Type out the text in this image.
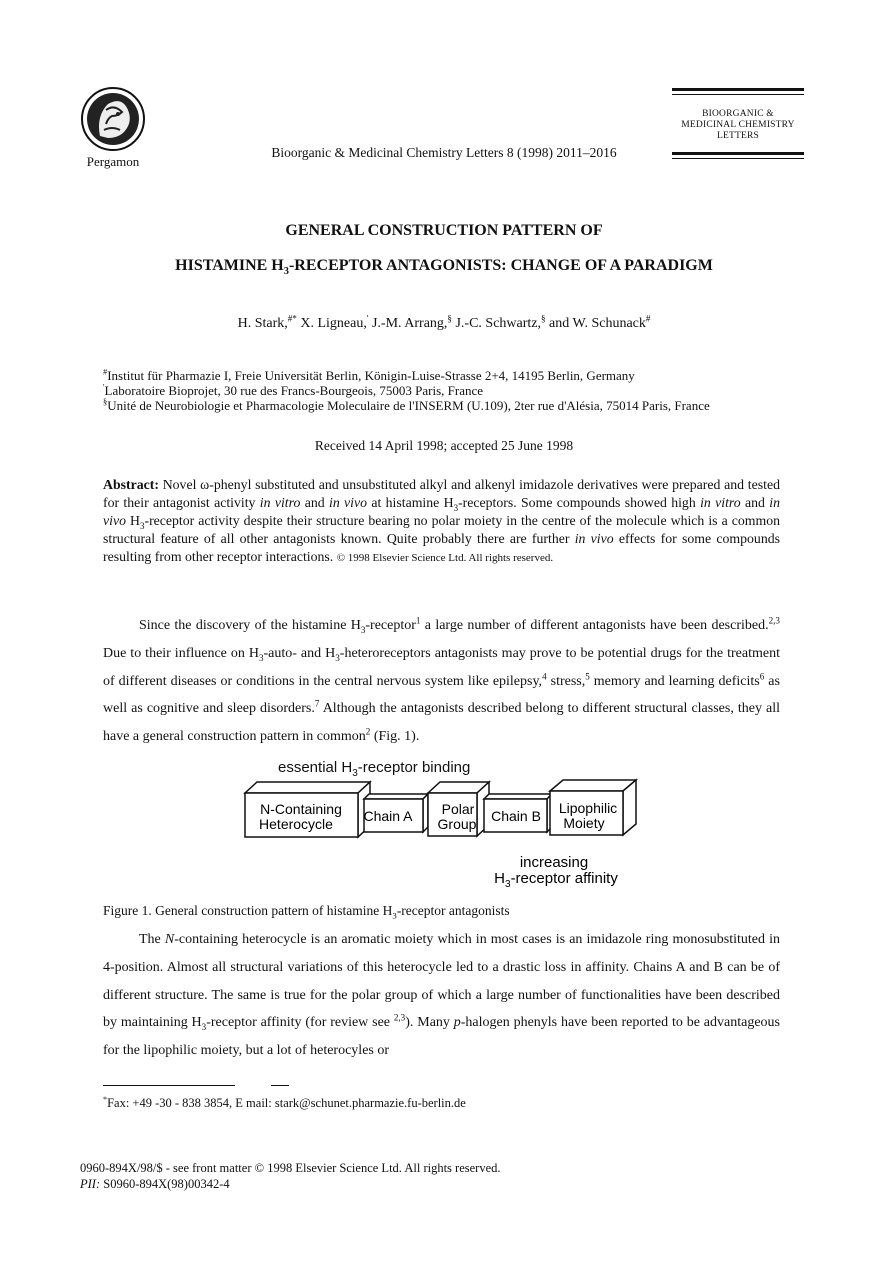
Pergamon
Bioorganic & Medicinal Chemistry Letters 8 (1998) 2011–2016
BIOORGANIC &
MEDICINAL CHEMISTRY
LETTERS
GENERAL CONSTRUCTION PATTERN OF
HISTAMINE $H_3$-RECEPTOR ANTAGONISTS: CHANGE OF A PARADIGM
H. Stark,#* X. Ligneau,' J.-M. Arrang,§ J.-C. Schwartz,§ and W. Schunack#
#Institut für Pharmazie I, Freie Universität Berlin, Königin-Luise-Strasse 2+4, 14195 Berlin, Germany
'Laboratoire Bioprojet, 30 rue des Francs-Bourgeois, 75003 Paris, France
§Unité de Neurobiologie et Pharmacologie Moleculaire de l'INSERM (U.109), 2ter rue d'Alésia, 75014 Paris, France
Received 14 April 1998; accepted 25 June 1998
Abstract: Novel ω-phenyl substituted and unsubstituted alkyl and alkenyl imidazole derivatives were prepared and tested for their antagonist activity in vitro and in vivo at histamine $H_3$-receptors. Some compounds showed high in vitro and in vivo $H_3$-receptor activity despite their structure bearing no polar moiety in the centre of the molecule which is a common structural feature of all other antagonists known. Quite probably there are further in vivo effects for some compounds resulting from other receptor interactions. © 1998 Elsevier Science Ltd. All rights reserved.
Since the discovery of the histamine $H_3-receptor^1$ a large number of different antagonists have been described.$^{2,3}$ Due to their influence on $H_3-auto-$ and $H_3$-heteroreceptors antagonists may prove to be potential drugs for the treatment of different diseases or conditions in the central nervous system like epilepsy,$^4$ stress,$^5$ memory and learning deficits$^6$ as well as cognitive and sleep disorders.$^7$ Although the antagonists described belong to different structural classes, they all have a general construction pattern in common$^2$ (Fig. 1).
essential $H_3$-receptor binding
N-Containing
Heterocycle Chain A Polar
Group Chain B Lipophilic
Moiety
increasing
$H_3$-receptor affinity
Figure 1. General construction pattern of histamine $H_3$-receptor antagonists
The N-containing heterocycle is an aromatic moiety which in most cases is an imidazole ring monosubstituted in 4-position. Almost all structural variations of this heterocycle led to a drastic loss in affinity. Chains A and B can be of different structure. The same is true for the polar group of which a large number of functionalities have been described by maintaining $H_3$-receptor affinity (for review see $^{2,3}$). Many p-halogen phenyls have been reported to be advantageous for the lipophilic moiety, but a lot of heterocyles or
*Fax: +49 -30 - 838 3854, E mail: stark@schunet.pharmazie.fu-berlin.de
0960-894X/98/$ - see front matter © 1998 Elsevier Science Ltd. All rights reserved.
PII: S0960-894X(98)00342-4
